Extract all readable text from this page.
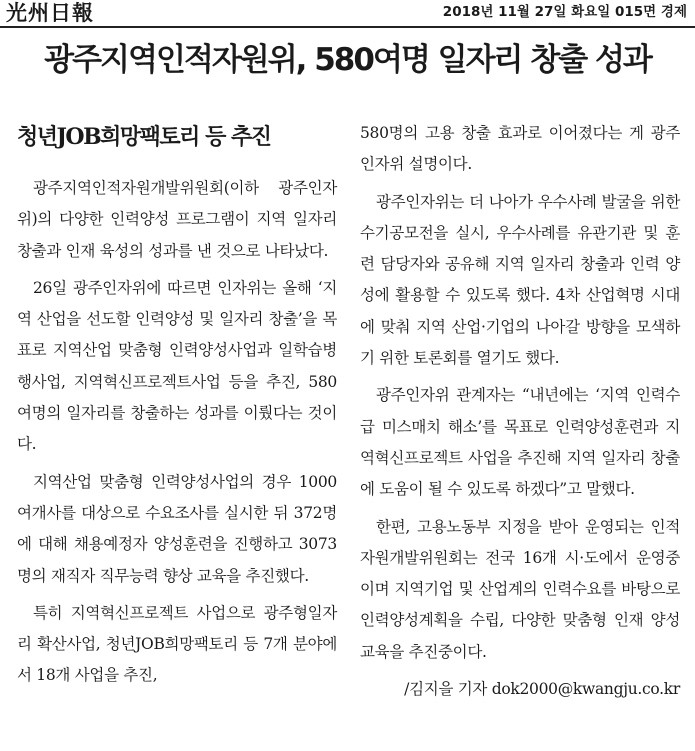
光州日報	2018년 11월 27일 화요일 015면 경제
광주지역인적자원위, 580여명 일자리 창출 성과
청년JOB희망팩토리 등 추진

광주지역인적자원개발위원회(이하 광주인자위)의 다양한 인력양성 프로그램이 지역 일자리 창출과 인재 육성의 성과를 낸 것으로 나타났다.

26일 광주인자위에 따르면 인자위는 올해 ‘지역 산업을 선도할 인력양성 및 일자리 창출’을 목표로 지역산업 맞춤형 인력양성사업과 일학습병행사업, 지역혁신프로젝트사업 등을 추진, 580여명의 일자리를 창출하는 성과를 이뤘다는 것이다.

지역산업 맞춤형 인력양성사업의 경우 1000여개사를 대상으로 수요조사를 실시한 뒤 372명에 대해 채용예정자 양성훈련을 진행하고 3073명의 재직자 직무능력 향상 교육을 추진했다.

특히 지역혁신프로젝트 사업으로 광주형일자리 확산사업, 청년JOB희망팩토리 등 7개 분야에서 18개 사업을 추진,

580명의 고용 창출 효과로 이어졌다는 게 광주인자위 설명이다.

광주인자위는 더 나아가 우수사례 발굴을 위한 수기공모전을 실시, 우수사례를 유관기관 및 훈련 담당자와 공유해 지역 일자리 창출과 인력 양성에 활용할 수 있도록 했다. 4차 산업혁명 시대에 맞춰 지역 산업·기업의 나아갈 방향을 모색하기 위한 토론회를 열기도 했다.

광주인자위 관계자는 “내년에는 ‘지역 인력수급 미스매치 해소’를 목표로 인력양성훈련과 지역혁신프로젝트 사업을 추진해 지역 일자리 창출에 도움이 될 수 있도록 하겠다”고 말했다.

한편, 고용노동부 지정을 받아 운영되는 인적자원개발위원회는 전국 16개 시·도에서 운영중이며 지역기업 및 산업계의 인력수요를 바탕으로 인력양성계획을 수립, 다양한 맞춤형 인재 양성교육을 추진중이다.

/김지을 기자 dok2000@kwangju.co.kr
